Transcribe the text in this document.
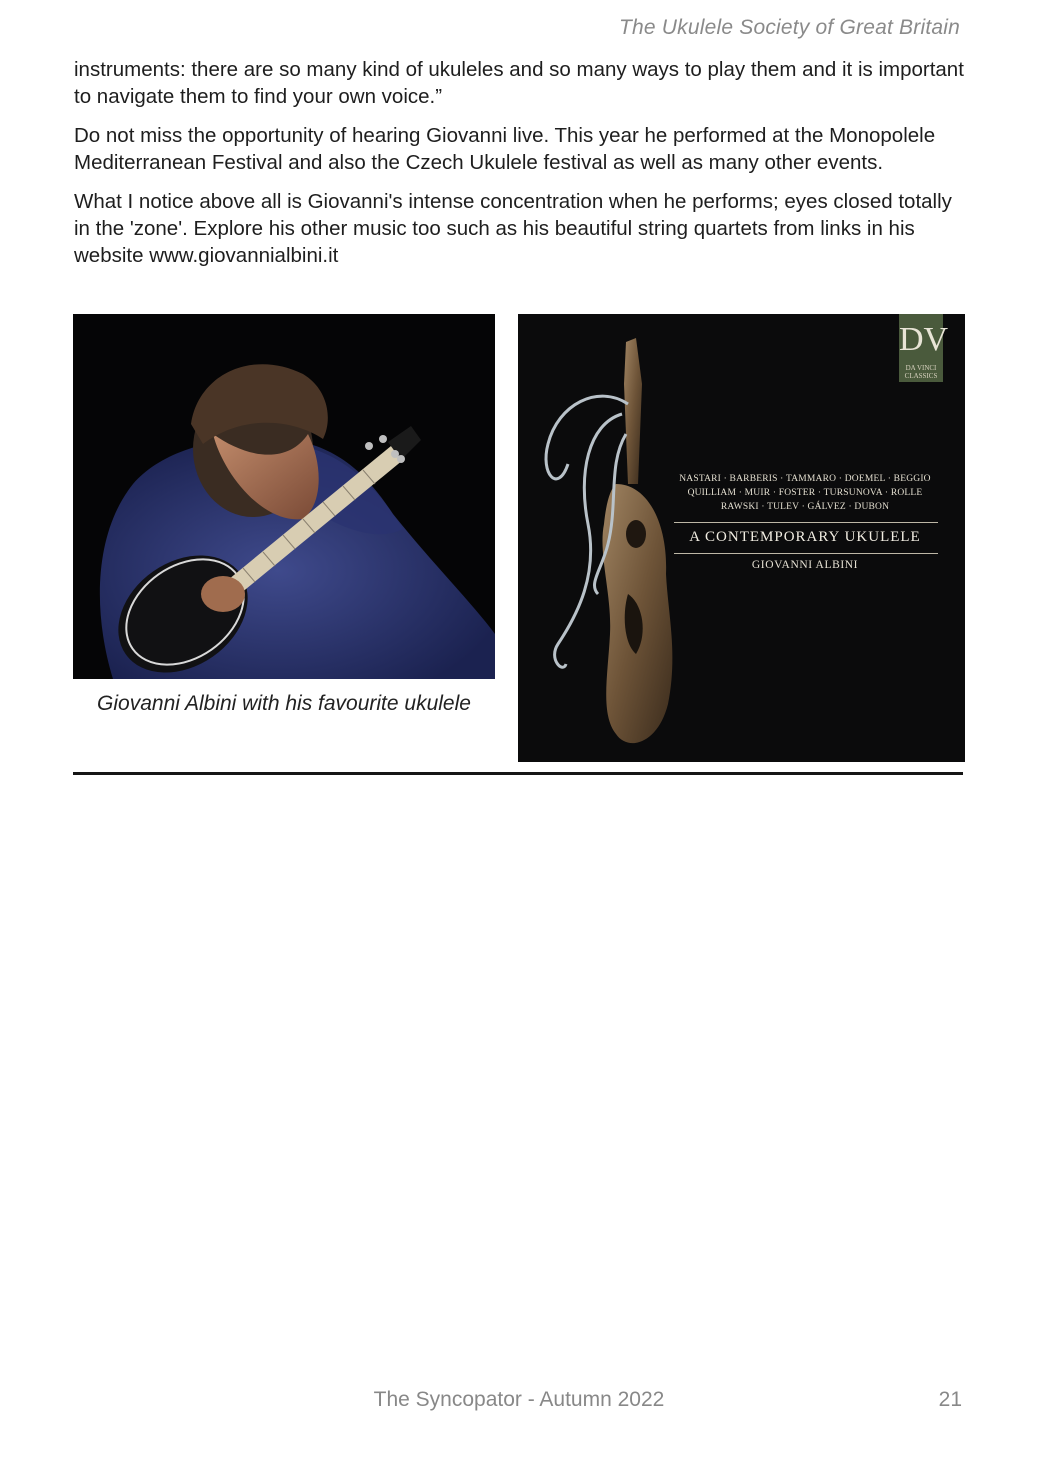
The Ukulele Society of Great Britain

instruments: there are so many kind of ukuleles and so many ways to play them and it is important to navigate them to find your own voice.”

Do not miss the opportunity of hearing Giovanni live. This year he performed at the Monopolele Mediterranean Festival and also the Czech Ukulele festival as well as many other events.

What I notice above all is Giovanni's intense concentration when he performs; eyes closed totally in the 'zone'. Explore his other music too such as his beautiful string quartets from links in his website www.giovannialbini.it

Giovanni Albini with his favourite ukulele
DV
DA VINCI
CLASSICS
NASTARI · BARBERIS · TAMMARO · DOEMEL · BEGGIO
QUILLIAM · MUIR · FOSTER · TURSUNOVA · ROLLE
RAWSKI · TULEV · GÁLVEZ · DUBON
A CONTEMPORARY UKULELE
GIOVANNI ALBINI
The Syncopator - Autumn 2022	21
